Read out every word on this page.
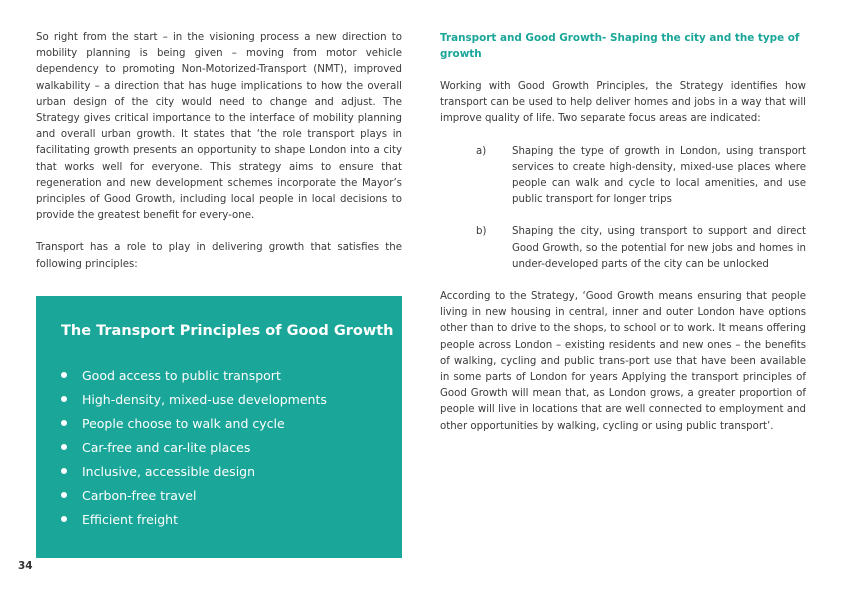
So right from the start – in the visioning process a new direction to mobility planning is being given – moving from motor vehicle dependency to promoting Non-Motorized-Transport (NMT), improved walkability – a direction that has huge implications to how the overall urban design of the city would need to change and adjust. The Strategy gives critical importance to the interface of mobility planning and overall urban growth. It states that ‘the role transport plays in facilitating growth presents an opportunity to shape London into a city that works well for everyone. This strategy aims to ensure that regeneration and new development schemes incorporate the Mayor’s principles of Good Growth, including local people in local decisions to provide the greatest benefit for every-one.

Transport has a role to play in delivering growth that satisfies the following principles:

The Transport Principles of Good Growth
Good access to public transport
High-density, mixed-use developments
People choose to walk and cycle
Car-free and car-lite places
Inclusive, accessible design
Carbon-free travel
Efficient freight
Transport and Good Growth- Shaping the city and the type of growth

Working with Good Growth Principles, the Strategy identifies how transport can be used to help deliver homes and jobs in a way that will improve quality of life. Two separate focus areas are indicated:

a)	Shaping the type of growth in London, using transport services to create high-density, mixed-use places where people can walk and cycle to local amenities, and use public transport for longer trips
b)	Shaping the city, using transport to support and direct Good Growth, so the potential for new jobs and homes in under-developed parts of the city can be unlocked

According to the Strategy, ‘Good Growth means ensuring that people living in new housing in central, inner and outer London have options other than to drive to the shops, to school or to work. It means offering people across London – existing residents and new ones – the benefits of walking, cycling and public trans-port use that have been available in some parts of London for years Applying the transport principles of Good Growth will mean that, as London grows, a greater proportion of people will live in locations that are well connected to employment and other opportunities by walking, cycling or using public transport’.

34
